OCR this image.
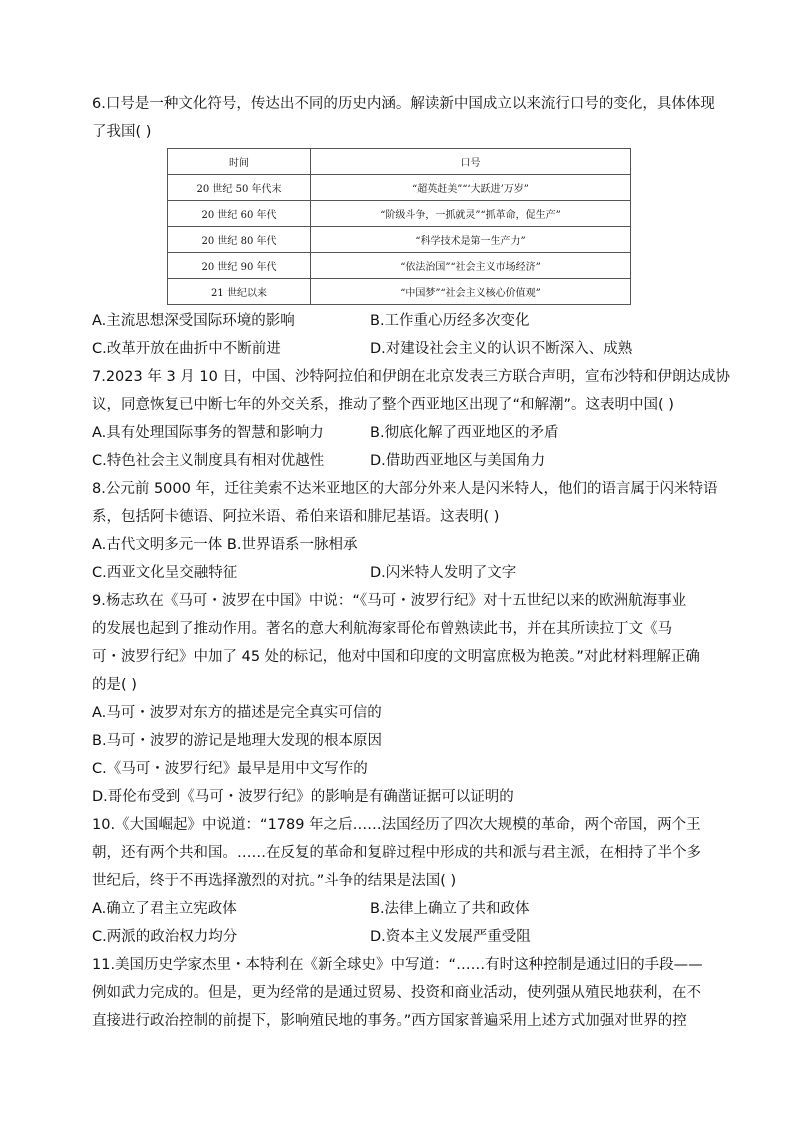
6.口号是一种文化符号，传达出不同的历史内涵。解读新中国成立以来流行口号的变化，具体体现
了我国( )
时间	口号
20 世纪 50 年代末	“超英赶美”“‘大跃进’万岁”
20 世纪 60 年代	“阶级斗争，一抓就灵”“抓革命，促生产”
20 世纪 80 年代	“科学技术是第一生产力”
20 世纪 90 年代	“依法治国”“社会主义市场经济”
21 世纪以来	“中国梦”“社会主义核心价值观”
A.主流思想深受国际环境的影响	B.工作重心历经多次变化
C.改革开放在曲折中不断前进	D.对建设社会主义的认识不断深入、成熟
7.2023 年 3 月 10 日，中国、沙特阿拉伯和伊朗在北京发表三方联合声明，宣布沙特和伊朗达成协
议，同意恢复已中断七年的外交关系，推动了整个西亚地区出现了“和解潮”。这表明中国( )
A.具有处理国际事务的智慧和影响力	B.彻底化解了西亚地区的矛盾
C.特色社会主义制度具有相对优越性	D.借助西亚地区与美国角力
8.公元前 5000 年，迁往美索不达米亚地区的大部分外来人是闪米特人，他们的语言属于闪米特语
系，包括阿卡德语、阿拉米语、希伯来语和腓尼基语。这表明( )
A.古代文明多元一体 B.世界语系一脉相承
C.西亚文化呈交融特征	D.闪米特人发明了文字
9.杨志玖在《马可・波罗在中国》中说：“《马可・波罗行纪》对十五世纪以来的欧洲航海事业
的发展也起到了推动作用。著名的意大利航海家哥伦布曾熟读此书，并在其所读拉丁文《马
可・波罗行纪》中加了 45 处的标记，他对中国和印度的文明富庶极为艳羡。”对此材料理解正确
的是( )
A.马可・波罗对东方的描述是完全真实可信的
B.马可・波罗的游记是地理大发现的根本原因
C.《马可・波罗行纪》最早是用中文写作的
D.哥伦布受到《马可・波罗行纪》的影响是有确凿证据可以证明的
10.《大国崛起》中说道：“1789 年之后……法国经历了四次大规模的革命，两个帝国，两个王
朝，还有两个共和国。……在反复的革命和复辟过程中形成的共和派与君主派，在相持了半个多
世纪后，终于不再选择激烈的对抗。”斗争的结果是法国( )
A.确立了君主立宪政体	B.法律上确立了共和政体
C.两派的政治权力均分	D.资本主义发展严重受阻
11.美国历史学家杰里・本特利在《新全球史》中写道：“……有时这种控制是通过旧的手段——
例如武力完成的。但是，更为经常的是通过贸易、投资和商业活动，使列强从殖民地获利，在不
直接进行政治控制的前提下，影响殖民地的事务。”西方国家普遍采用上述方式加强对世界的控
